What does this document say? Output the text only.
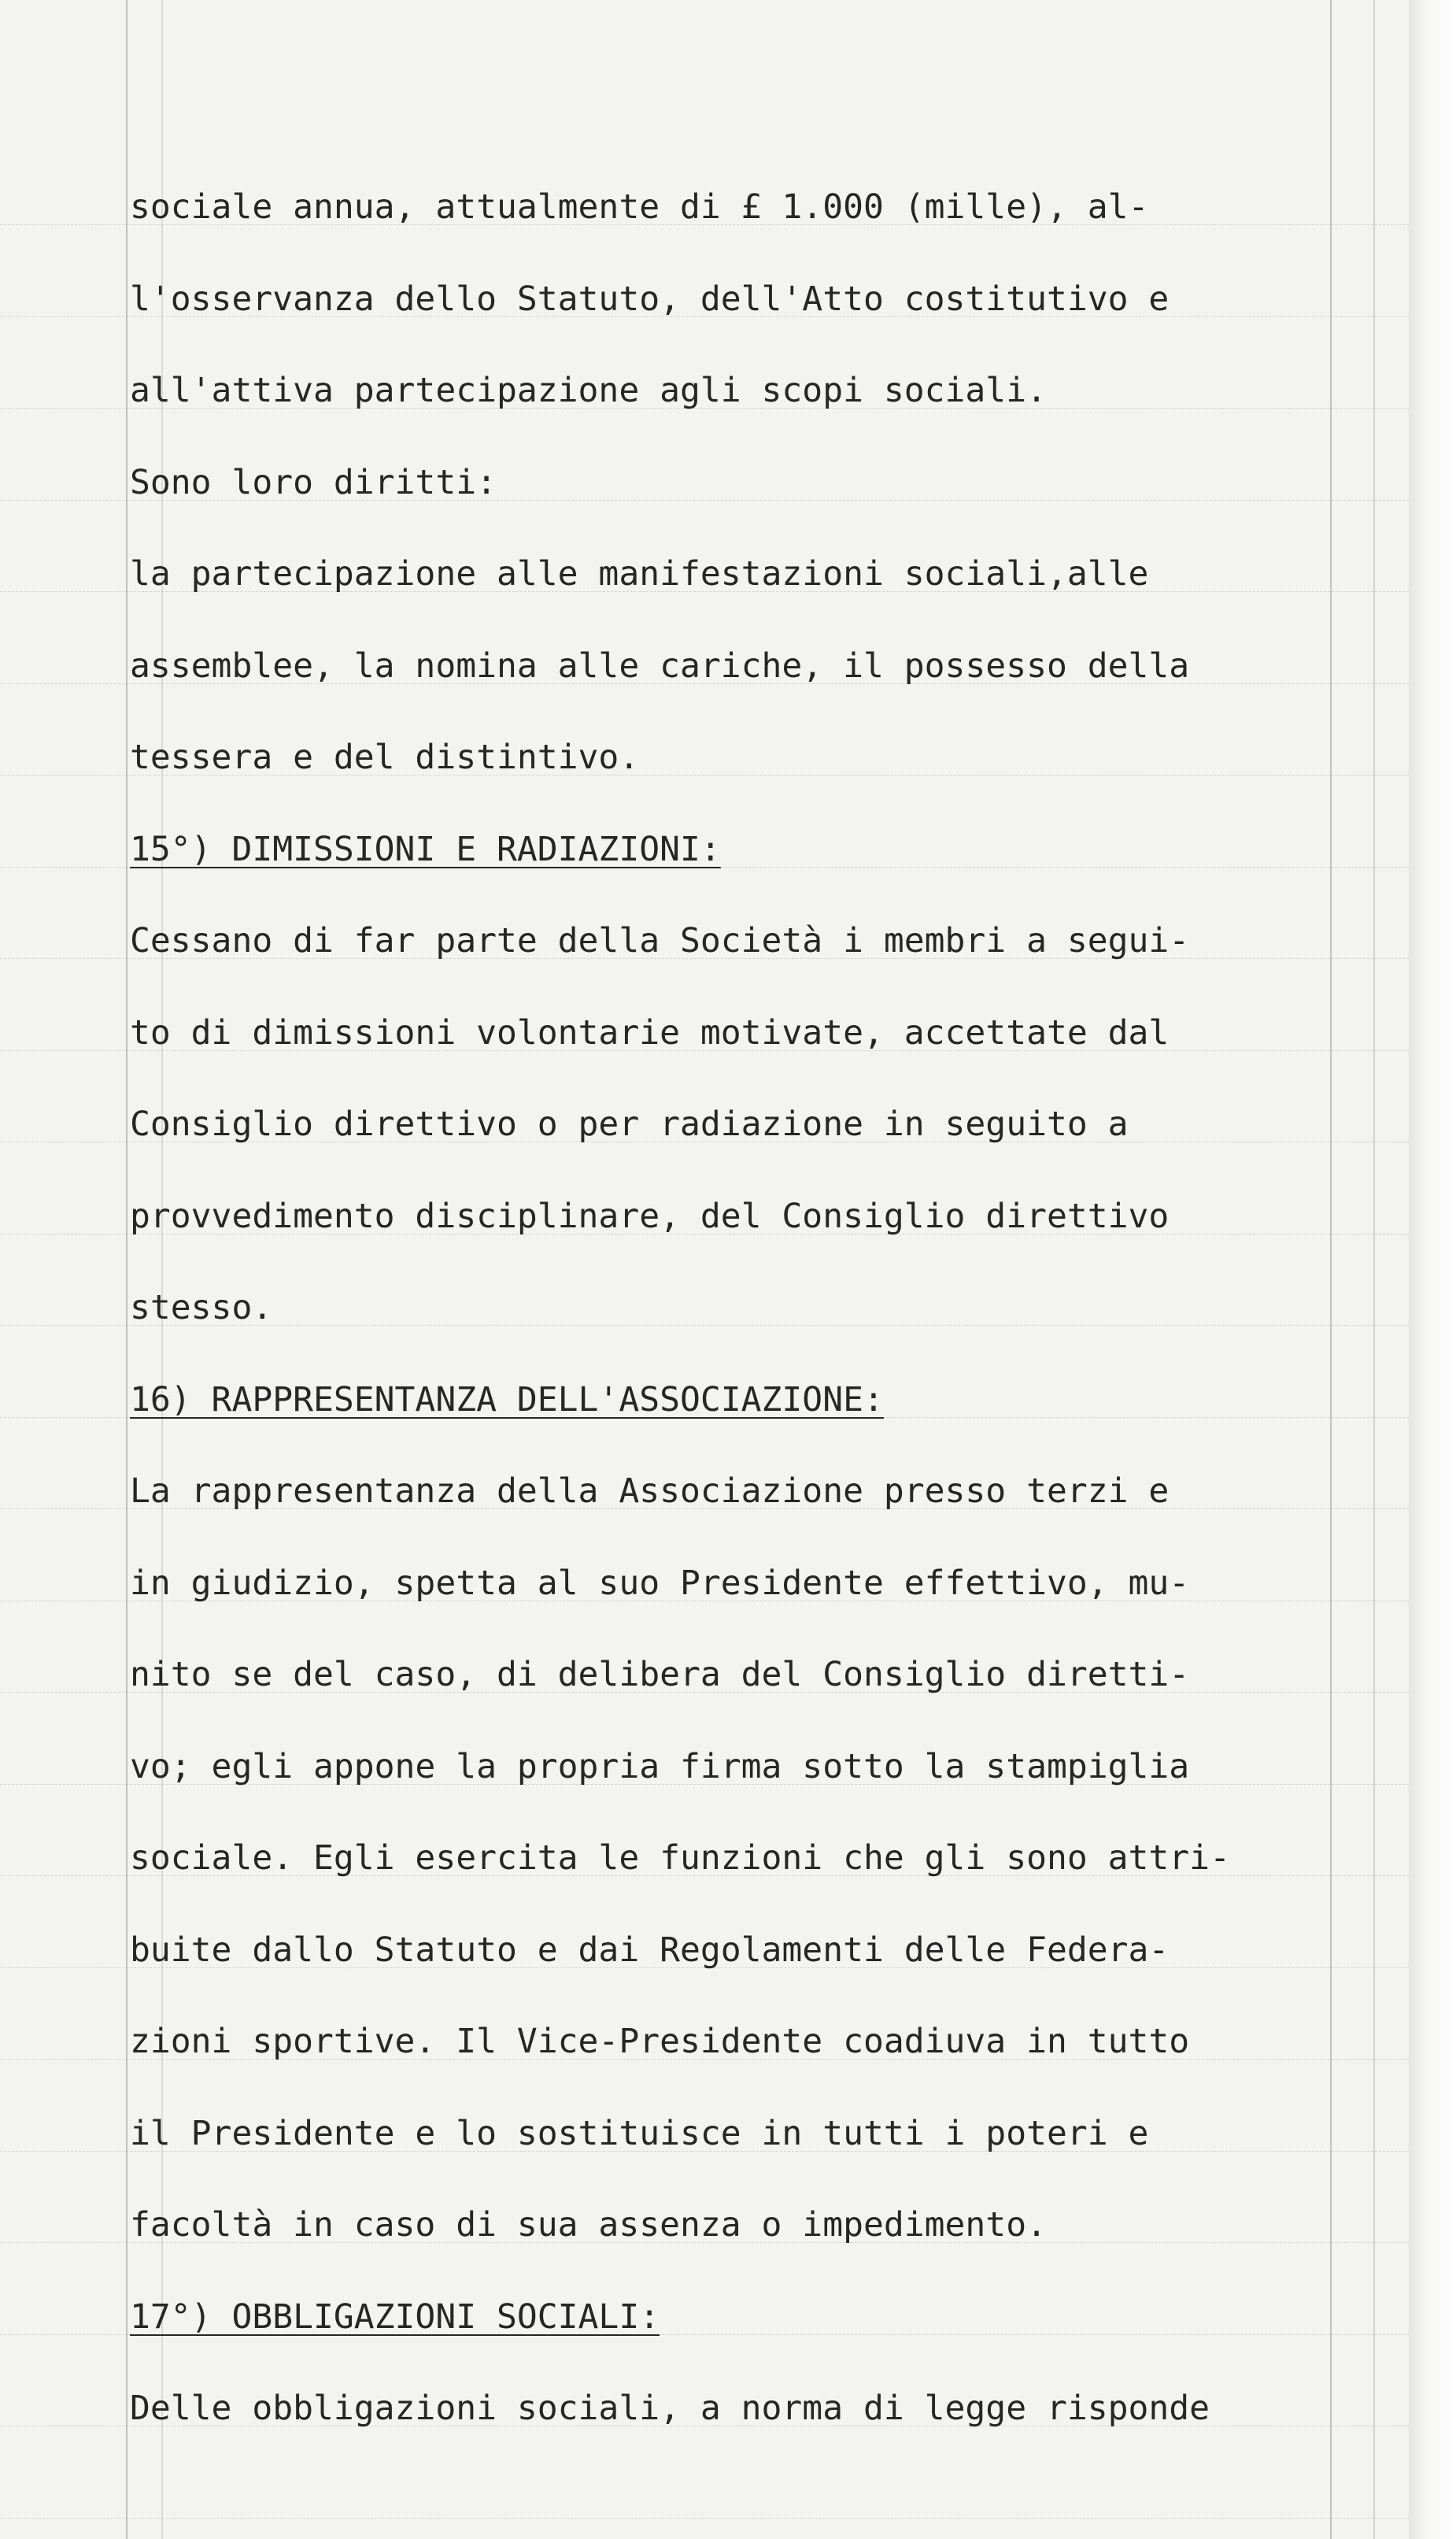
sociale annua, attualmente di £ 1.000 (mille), al-
l'osservanza dello Statuto, dell'Atto costitutivo e
all'attiva partecipazione agli scopi sociali.
Sono loro diritti:
la partecipazione alle manifestazioni sociali,alle
assemblee, la nomina alle cariche, il possesso della
tessera e del distintivo.
15°) DIMISSIONI E RADIAZIONI:
Cessano di far parte della Società i membri a segui-
to di dimissioni volontarie motivate, accettate dal
Consiglio direttivo o per radiazione in seguito a
provvedimento disciplinare, del Consiglio direttivo
stesso.
16) RAPPRESENTANZA DELL'ASSOCIAZIONE:
La rappresentanza della Associazione presso terzi e
in giudizio, spetta al suo Presidente effettivo, mu-
nito se del caso, di delibera del Consiglio diretti-
vo; egli appone la propria firma sotto la stampiglia
sociale. Egli esercita le funzioni che gli sono attri-
buite dallo Statuto e dai Regolamenti delle Federa-
zioni sportive. Il Vice-Presidente coadiuva in tutto
il Presidente e lo sostituisce in tutti i poteri e
facoltà in caso di sua assenza o impedimento.
17°) OBBLIGAZIONI SOCIALI:
Delle obbligazioni sociali, a norma di legge risponde
